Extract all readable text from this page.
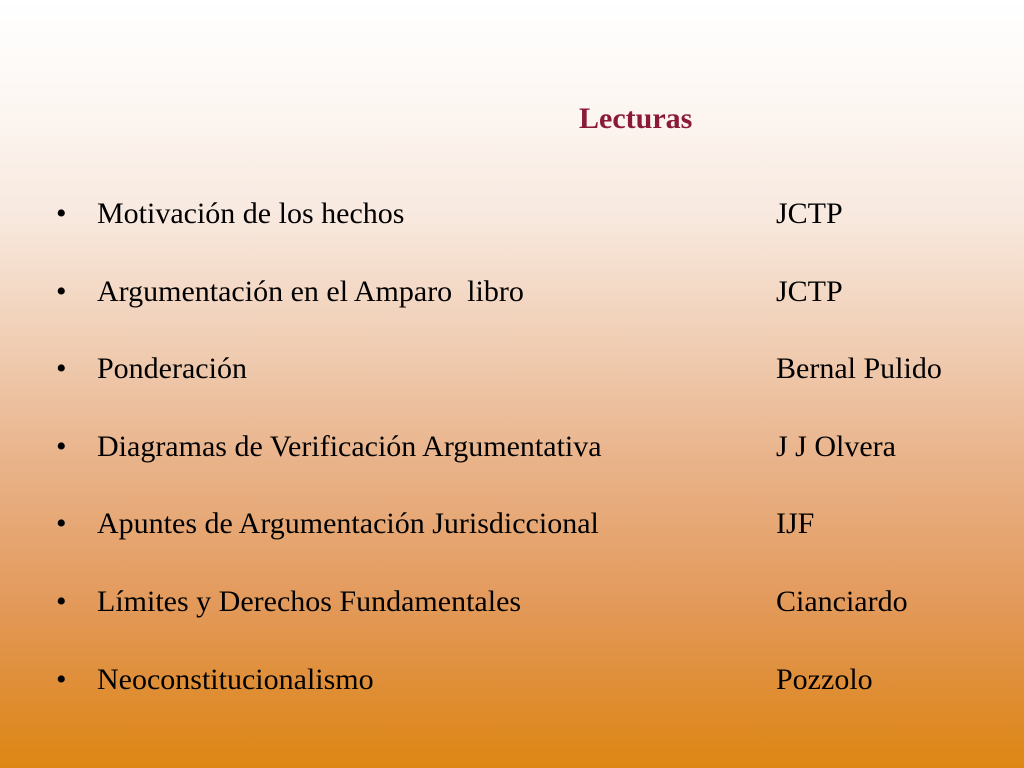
Lecturas
• Motivación de los hechos	JCTP
• Argumentación en el Amparo  libro	JCTP
• Ponderación	Bernal Pulido
• Diagramas de Verificación Argumentativa	J J Olvera
• Apuntes de Argumentación Jurisdiccional	IJF
• Límites y Derechos Fundamentales	Cianciardo
• Neoconstitucionalismo	Pozzolo
